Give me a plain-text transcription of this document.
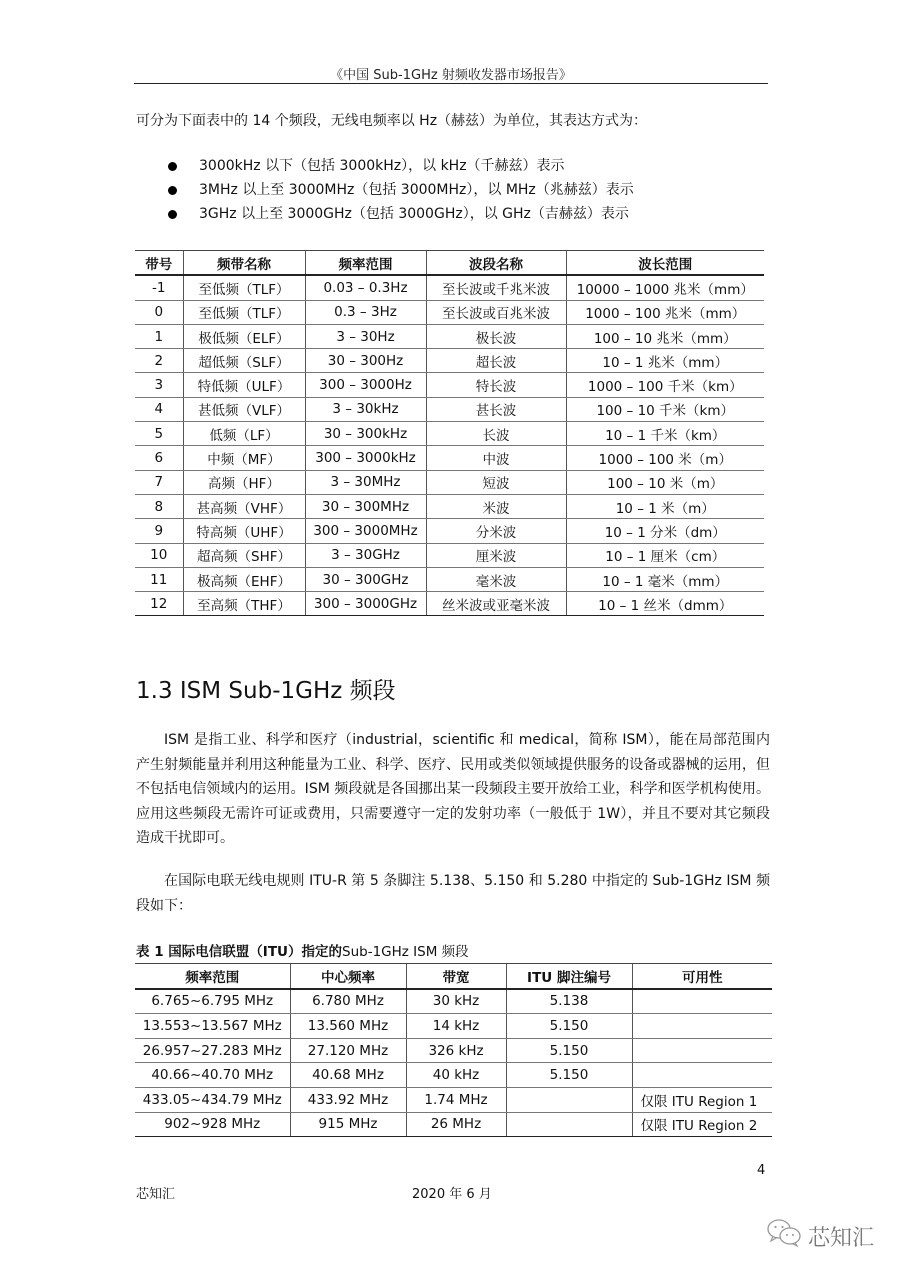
《中国 Sub-1GHz 射频收发器市场报告》
可分为下面表中的 14 个频段，无线电频率以 Hz（赫兹）为单位，其表达方式为：
3000kHz 以下（包括 3000kHz），以 kHz（千赫兹）表示
3MHz 以上至 3000MHz（包括 3000MHz），以 MHz（兆赫兹）表示
3GHz 以上至 3000GHz（包括 3000GHz），以 GHz（吉赫兹）表示
带号	频带名称	频率范围	波段名称	波长范围
-1	至低频（TLF）	0.03 – 0.3Hz	至长波或千兆米波	10000 – 1000 兆米（mm）
0	至低频（TLF）	0.3 – 3Hz	至长波或百兆米波	1000 – 100 兆米（mm）
1	极低频（ELF）	3 – 30Hz	极长波	100 – 10 兆米（mm）
2	超低频（SLF）	30 – 300Hz	超长波	10 – 1 兆米（mm）
3	特低频（ULF）	300 – 3000Hz	特长波	1000 – 100 千米（km）
4	甚低频（VLF）	3 – 30kHz	甚长波	100 – 10 千米（km）
5	低频（LF）	30 – 300kHz	长波	10 – 1 千米（km）
6	中频（MF）	300 – 3000kHz	中波	1000 – 100 米（m）
7	高频（HF）	3 – 30MHz	短波	100 – 10 米（m）
8	甚高频（VHF）	30 – 300MHz	米波	10 – 1 米（m）
9	特高频（UHF）	300 – 3000MHz	分米波	10 – 1 分米（dm）
10	超高频（SHF）	3 – 30GHz	厘米波	10 – 1 厘米（cm）
11	极高频（EHF）	30 – 300GHz	毫米波	10 – 1 毫米（mm）
12	至高频（THF）	300 – 3000GHz	丝米波或亚毫米波	10 – 1 丝米（dmm）
1.3 ISM Sub-1GHz 频段
ISM 是指工业、科学和医疗（industrial，scientific 和 medical，简称 ISM），能在局部范围内产生射频能量并利用这种能量为工业、科学、医疗、民用或类似领域提供服务的设备或器械的运用，但不包括电信领域内的运用。ISM 频段就是各国挪出某一段频段主要开放给工业，科学和医学机构使用。应用这些频段无需许可证或费用，只需要遵守一定的发射功率（一般低于 1W），并且不要对其它频段造成干扰即可。
在国际电联无线电规则 ITU-R 第 5 条脚注 5.138、5.150 和 5.280 中指定的 Sub-1GHz ISM 频段如下：
表 1 国际电信联盟（ITU）指定的Sub-1GHz ISM 频段
频率范围	中心频率	带宽	ITU 脚注编号	可用性
6.765~6.795 MHz	6.780 MHz	30 kHz	5.138	
13.553~13.567 MHz	13.560 MHz	14 kHz	5.150	
26.957~27.283 MHz	27.120 MHz	326 kHz	5.150	
40.66~40.70 MHz	40.68 MHz	40 kHz	5.150	
433.05~434.79 MHz	433.92 MHz	1.74 MHz		仅限 ITU Region 1
902~928 MHz	915 MHz	26 MHz		仅限 ITU Region 2
4
芯知汇	2020 年 6 月
芯知汇
